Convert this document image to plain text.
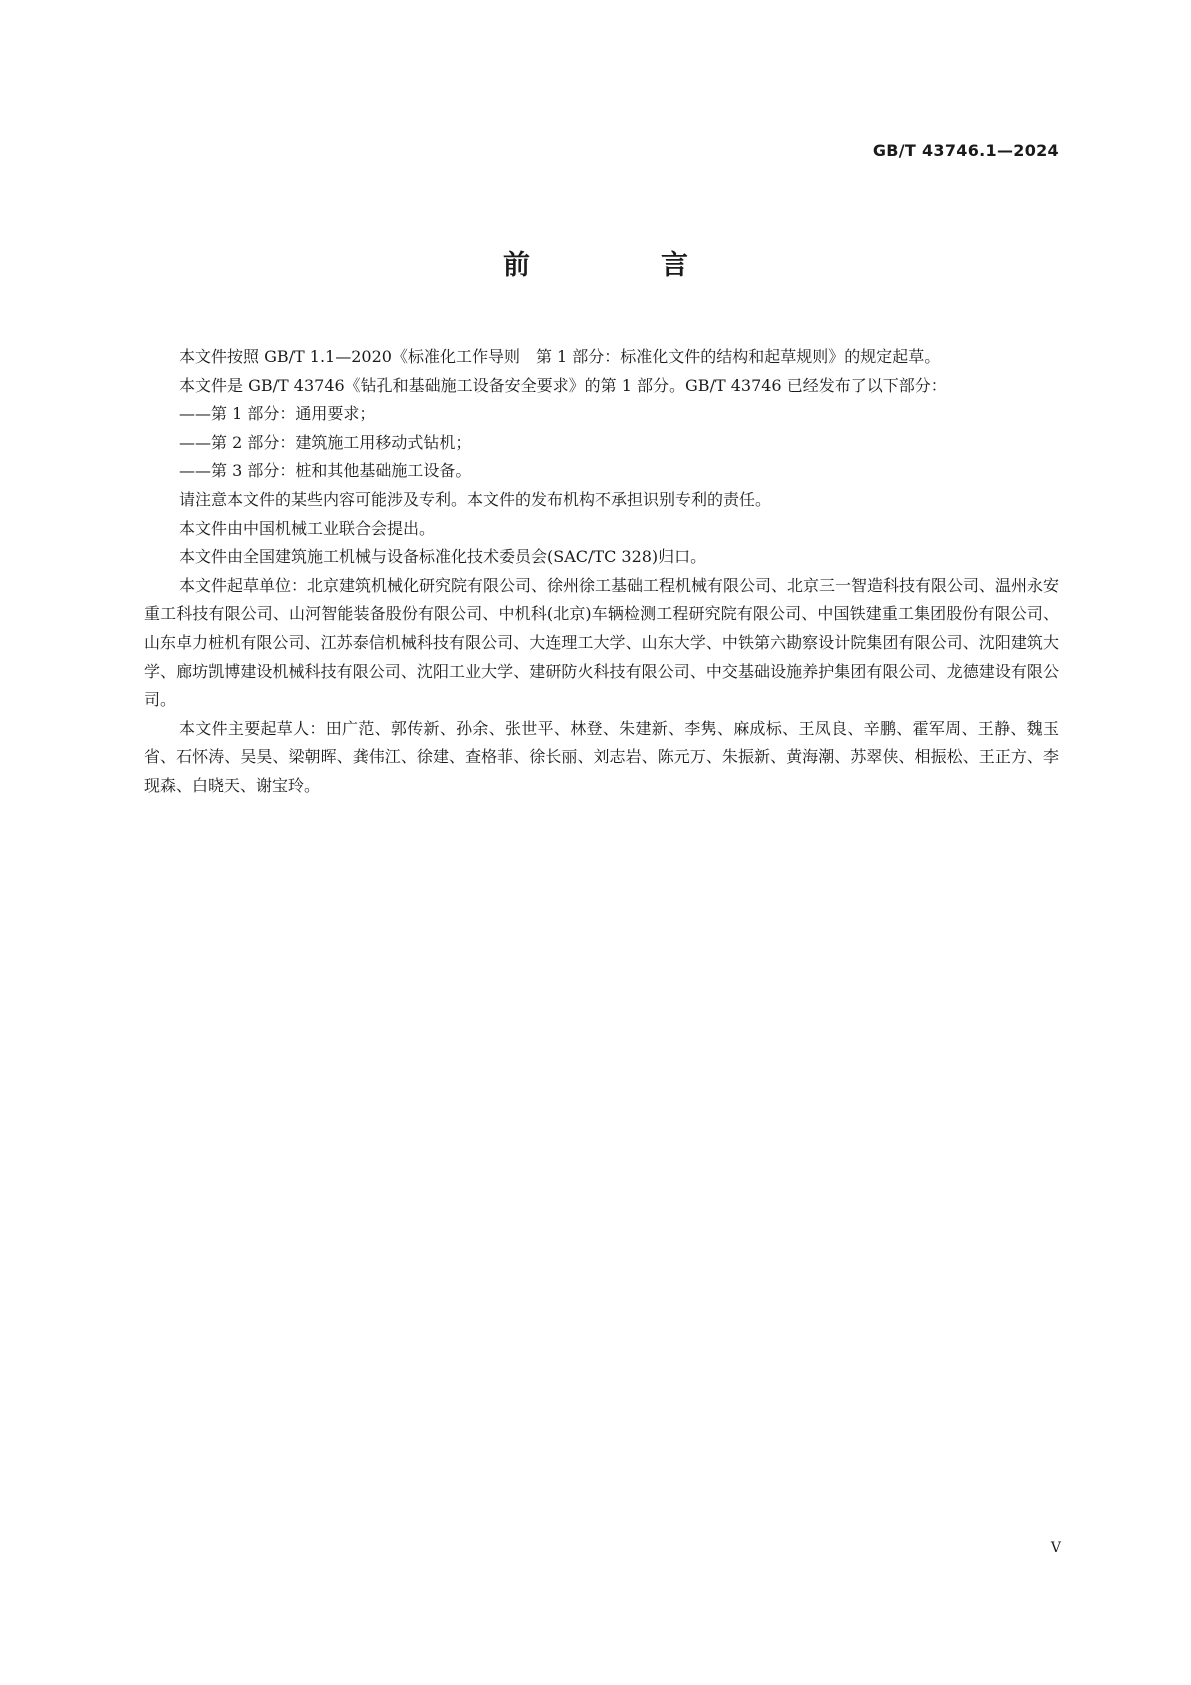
GB/T 43746.1—2024
前　言

本文件按照 GB/T 1.1—2020《标准化工作导则　第 1 部分：标准化文件的结构和起草规则》的规定起草。

本文件是 GB/T 43746《钻孔和基础施工设备安全要求》的第 1 部分。GB/T 43746 已经发布了以下部分：

——第 1 部分：通用要求；

——第 2 部分：建筑施工用移动式钻机；

——第 3 部分：桩和其他基础施工设备。

请注意本文件的某些内容可能涉及专利。本文件的发布机构不承担识别专利的责任。

本文件由中国机械工业联合会提出。

本文件由全国建筑施工机械与设备标准化技术委员会(SAC/TC 328)归口。

本文件起草单位：北京建筑机械化研究院有限公司、徐州徐工基础工程机械有限公司、北京三一智造科技有限公司、温州永安重工科技有限公司、山河智能装备股份有限公司、中机科(北京)车辆检测工程研究院有限公司、中国铁建重工集团股份有限公司、山东卓力桩机有限公司、江苏泰信机械科技有限公司、大连理工大学、山东大学、中铁第六勘察设计院集团有限公司、沈阳建筑大学、廊坊凯博建设机械科技有限公司、沈阳工业大学、建研防火科技有限公司、中交基础设施养护集团有限公司、龙德建设有限公司。

本文件主要起草人：田广范、郭传新、孙余、张世平、林登、朱建新、李隽、麻成标、王凤良、辛鹏、霍军周、王静、魏玉省、石怀涛、吴昊、梁朝晖、龚伟江、徐建、查格菲、徐长丽、刘志岩、陈元万、朱振新、黄海潮、苏翠侠、相振松、王正方、李现森、白晓天、谢宝玲。

V
